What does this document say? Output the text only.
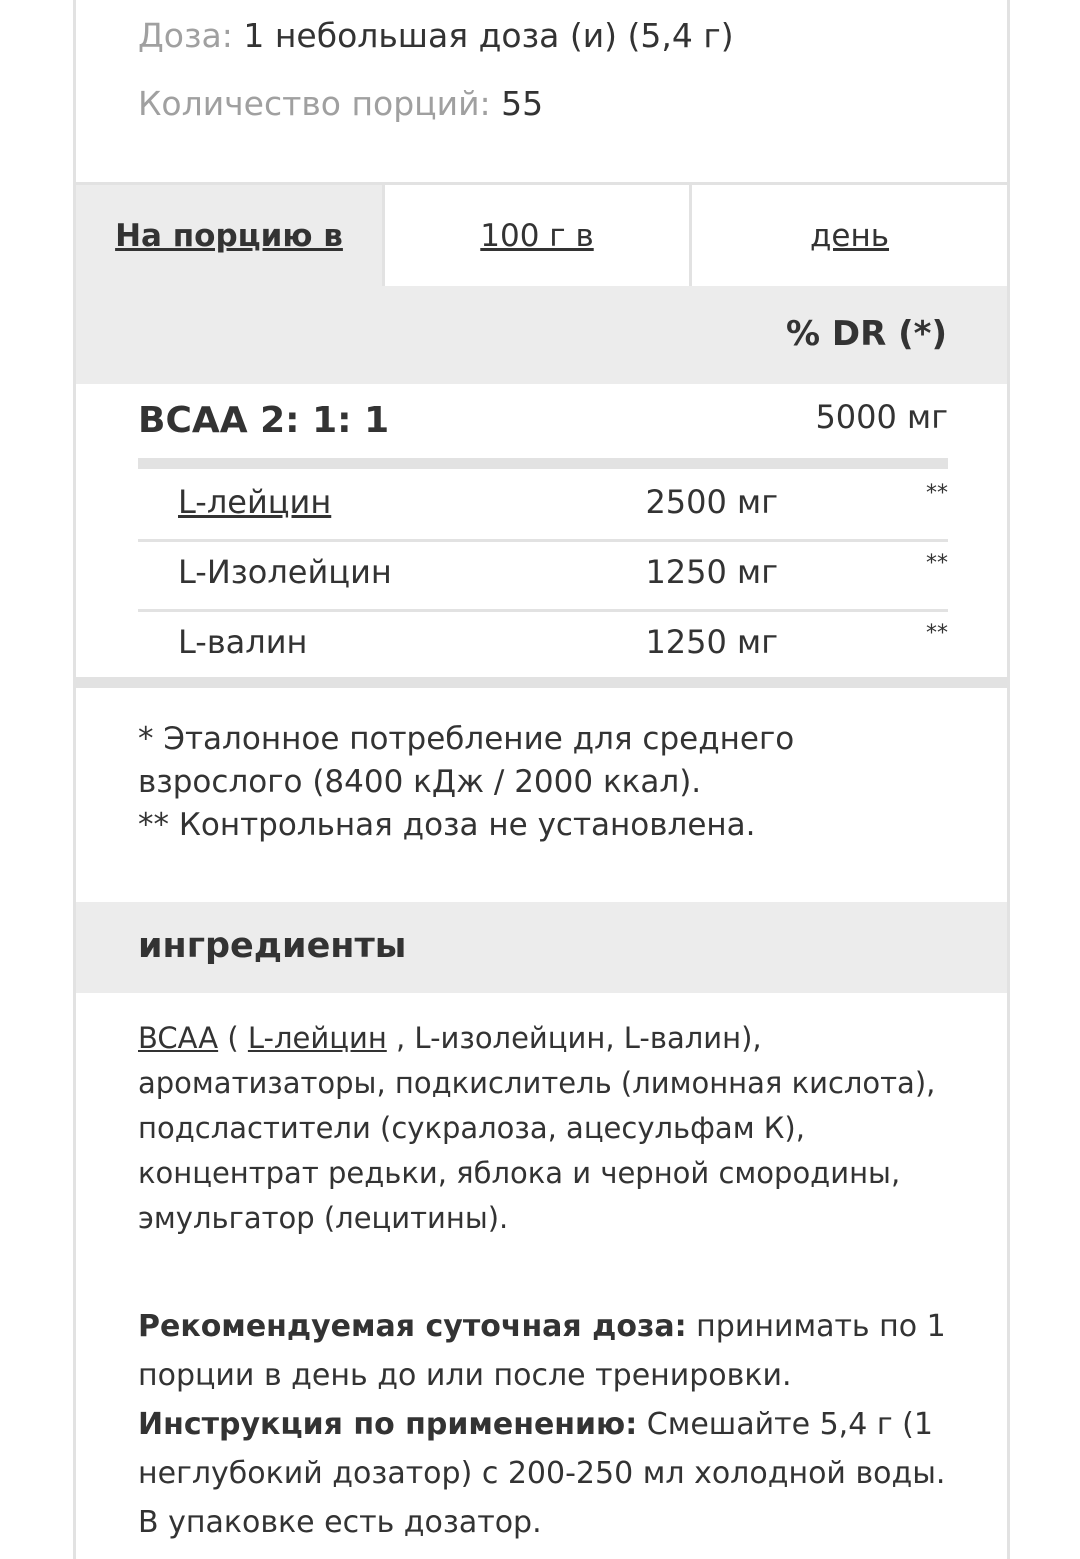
Доза: 1 небольшая доза (и) (5,4 г)
Количество порций: 55
На порцию в	100 г в	день
% DR (*)
BCAA 2: 1: 1	5000 мг
L-лейцин	2500 мг	**
L-Изолейцин	1250 мг	**
L-валин	1250 мг	**
* Эталонное потребление для среднего взрослого (8400 кДж / 2000 ккал).
** Контрольная доза не установлена.
ингредиенты
BCAA ( L-лейцин , L-изолейцин, L-валин), ароматизаторы, подкислитель (лимонная кислота), подсластители (сукралоза, ацесульфам К), концентрат редьки, яблока и черной смородины, эмульгатор (лецитины).
Рекомендуемая суточная доза: принимать по 1 порции в день до или после тренировки.
Инструкция по применению: Смешайте 5,4 г (1 неглубокий дозатор) с 200-250 мл холодной воды. В упаковке есть дозатор.
